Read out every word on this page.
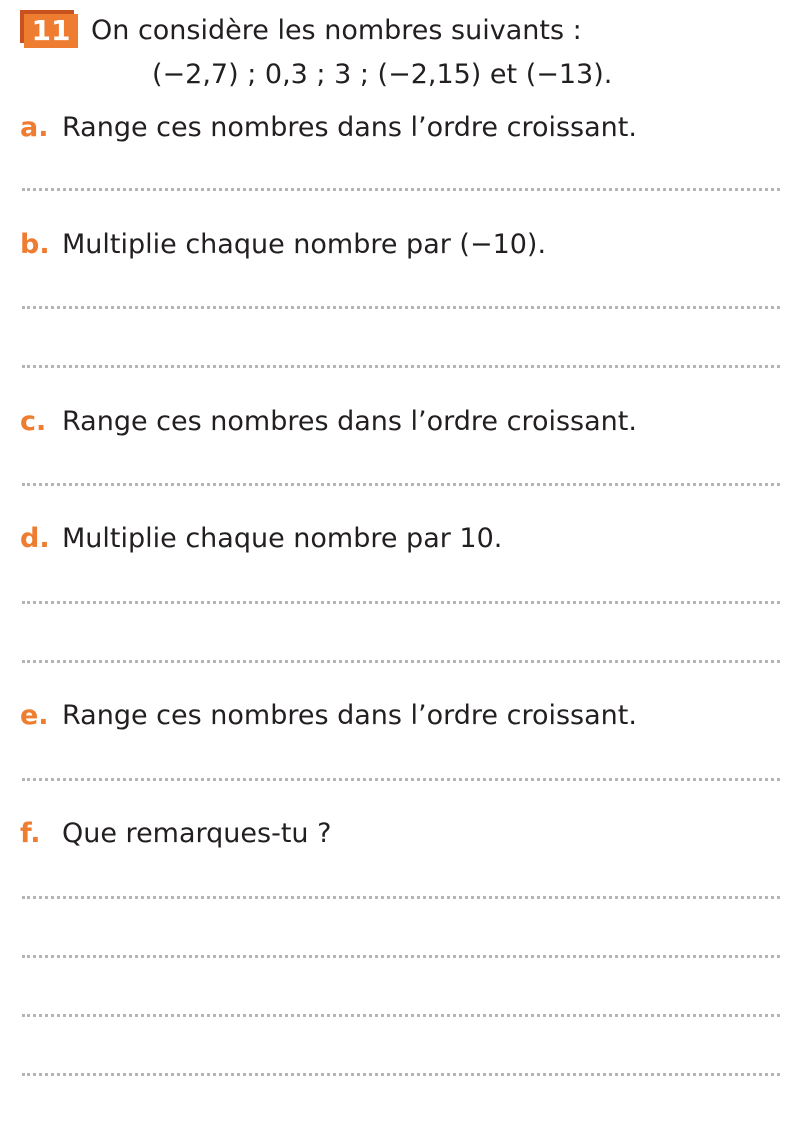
11 On considère les nombres suivants :
(−2,7) ; 0,3 ; 3 ; (−2,15) et (−13).
a. Range ces nombres dans l’ordre croissant.
b. Multiplie chaque nombre par (−10).
c. Range ces nombres dans l’ordre croissant.
d. Multiplie chaque nombre par 10.
e. Range ces nombres dans l’ordre croissant.
f. Que remarques-tu ?
